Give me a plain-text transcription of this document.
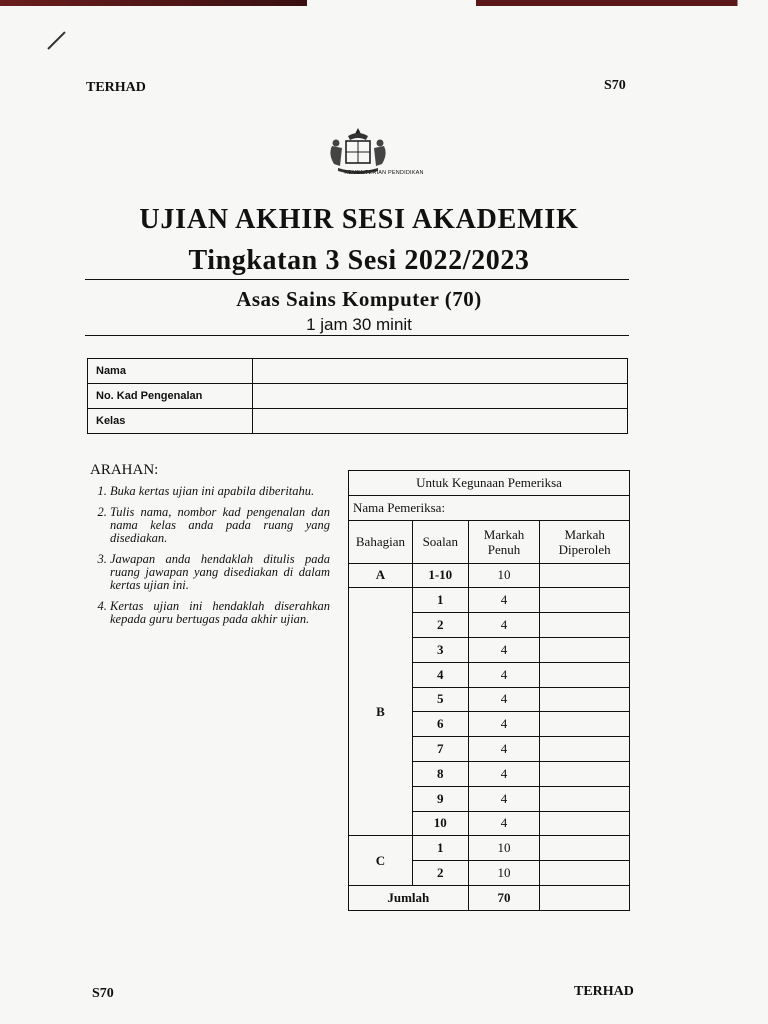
TERHAD	S70
KEMENTERIAN PENDIDIKAN
UJIAN AKHIR SESI AKADEMIK
Tingkatan 3 Sesi 2022/2023
Asas Sains Komputer (70)
1 jam 30 minit
Nama	
No. Kad Pengenalan	
Kelas	
ARAHAN:
1. Buka kertas ujian ini apabila diberitahu.
2. Tulis nama, nombor kad pengenalan dan nama kelas anda pada ruang yang disediakan.
3. Jawapan anda hendaklah ditulis pada ruang jawapan yang disediakan di dalam kertas ujian ini.
4. Kertas ujian ini hendaklah diserahkan kepada guru bertugas pada akhir ujian.
Untuk Kegunaan Pemeriksa			
Nama Pemeriksa:			
Bahagian	Soalan	Markah Penuh	Markah Diperoleh
A	1-10	10	
B	1	4	
	2	4	
	3	4	
	4	4	
	5	4	
	6	4	
	7	4	
	8	4	
	9	4	
	10	4	
C	1	10	
	2	10	
Jumlah		70	
S70	TERHAD
